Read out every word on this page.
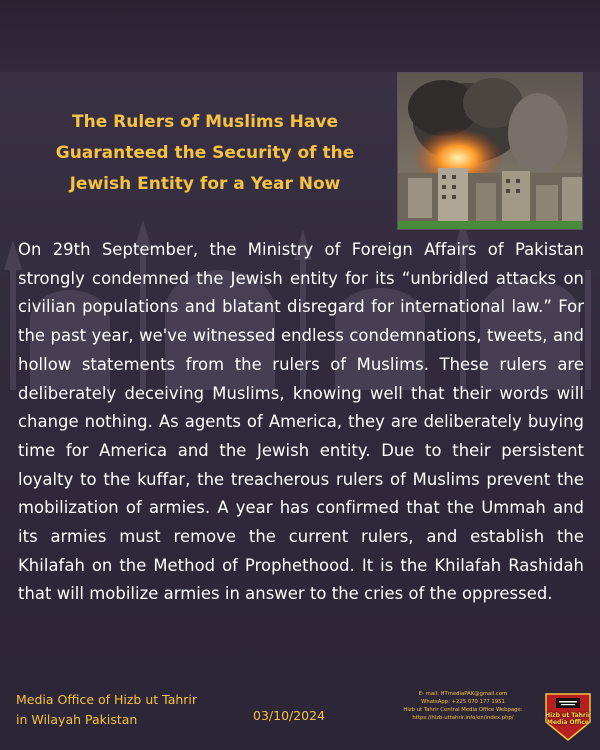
The Rulers of Muslims Have
Guaranteed the Security of the
Jewish Entity for a Year Now
On 29th September, the Ministry of Foreign Affairs of Pakistan strongly condemned the Jewish entity for its “unbridled attacks on civilian populations and blatant disregard for international law.” For the past year, we've witnessed endless condemnations, tweets, and hollow statements from the rulers of Muslims. These rulers are deliberately deceiving Muslims, knowing well that their words will change nothing. As agents of America, they are deliberately buying time for America and the Jewish entity. Due to their persistent loyalty to the kuffar, the treacherous rulers of Muslims prevent the mobilization of armies. A year has confirmed that the Ummah and its armies must remove the current rulers, and establish the Khilafah on the Method of Prophethood. It is the Khilafah Rashidah that will mobilize armies in answer to the cries of the oppressed.
Media Office of Hizb ut Tahrir
in Wilayah Pakistan	03/10/2024
E- mail: HTmediaPAK@gmail.com
WhatsApp: +225 070 177 1951
Hizb ut Tahrir Central Media Office Webpage:
https://hizb-uttahrir.info/en/index.php/	Hizb ut Tahrir Media Office
